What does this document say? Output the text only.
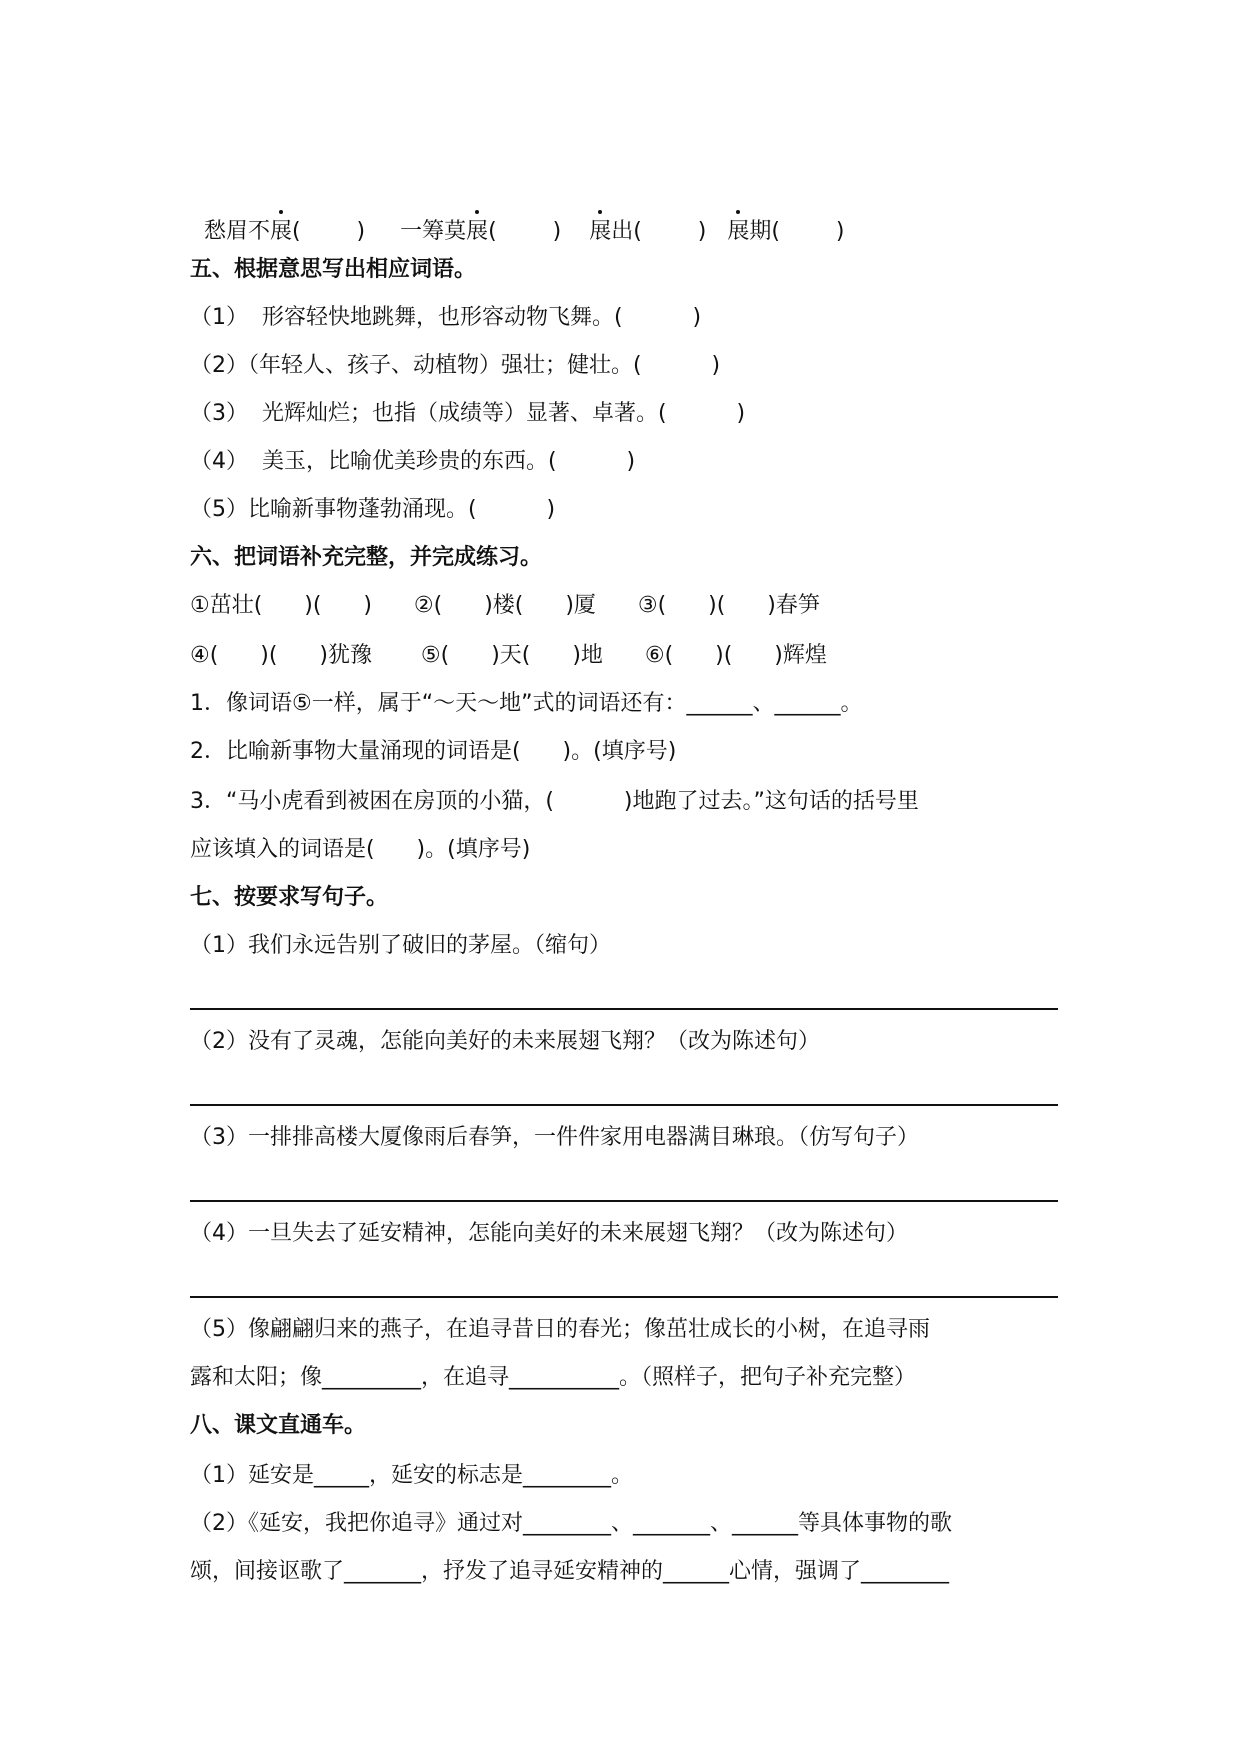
愁眉不展(        ) 一筹莫展(        ) 展出(        ) 展期(        )

五、根据意思写出相应词语。
（1）  形容轻快地跳舞，也形容动物飞舞。(          )
（2）（年轻人、孩子、动植物）强壮；健壮。(          )
（3）  光辉灿烂；也指（成绩等）显著、卓著。(          )
（4）  美玉，比喻优美珍贵的东西。(          )
（5）比喻新事物蓬勃涌现。(          )
六、把词语补充完整，并完成练习。
①茁壮(      )(      )      ②(      )楼(      )厦      ③(      )(      )春笋
④(      )(      )犹豫       ⑤(      )天(      )地      ⑥(      )(      )辉煌
1．像词语⑤一样，属于“～天～地”式的词语还有：______、______。
2．比喻新事物大量涌现的词语是(      )。(填序号)
3．“马小虎看到被困在房顶的小猫，(          )地跑了过去。”这句话的括号里
应该填入的词语是(      )。(填序号)
七、按要求写句子。
（1）我们永远告别了破旧的茅屋。（缩句）
（2）没有了灵魂，怎能向美好的未来展翅飞翔？（改为陈述句）
（3）一排排高楼大厦像雨后春笋，一件件家用电器满目琳琅。（仿写句子）
（4）一旦失去了延安精神，怎能向美好的未来展翅飞翔？（改为陈述句）
（5）像翩翩归来的燕子，在追寻昔日的春光；像茁壮成长的小树，在追寻雨
露和太阳；像_________，在追寻__________。（照样子，把句子补充完整）
八、课文直通车。
（1）延安是_____，延安的标志是________。
（2）《延安，我把你追寻》通过对________、_______、______等具体事物的歌
颂，间接讴歌了_______，抒发了追寻延安精神的______心情，强调了________
